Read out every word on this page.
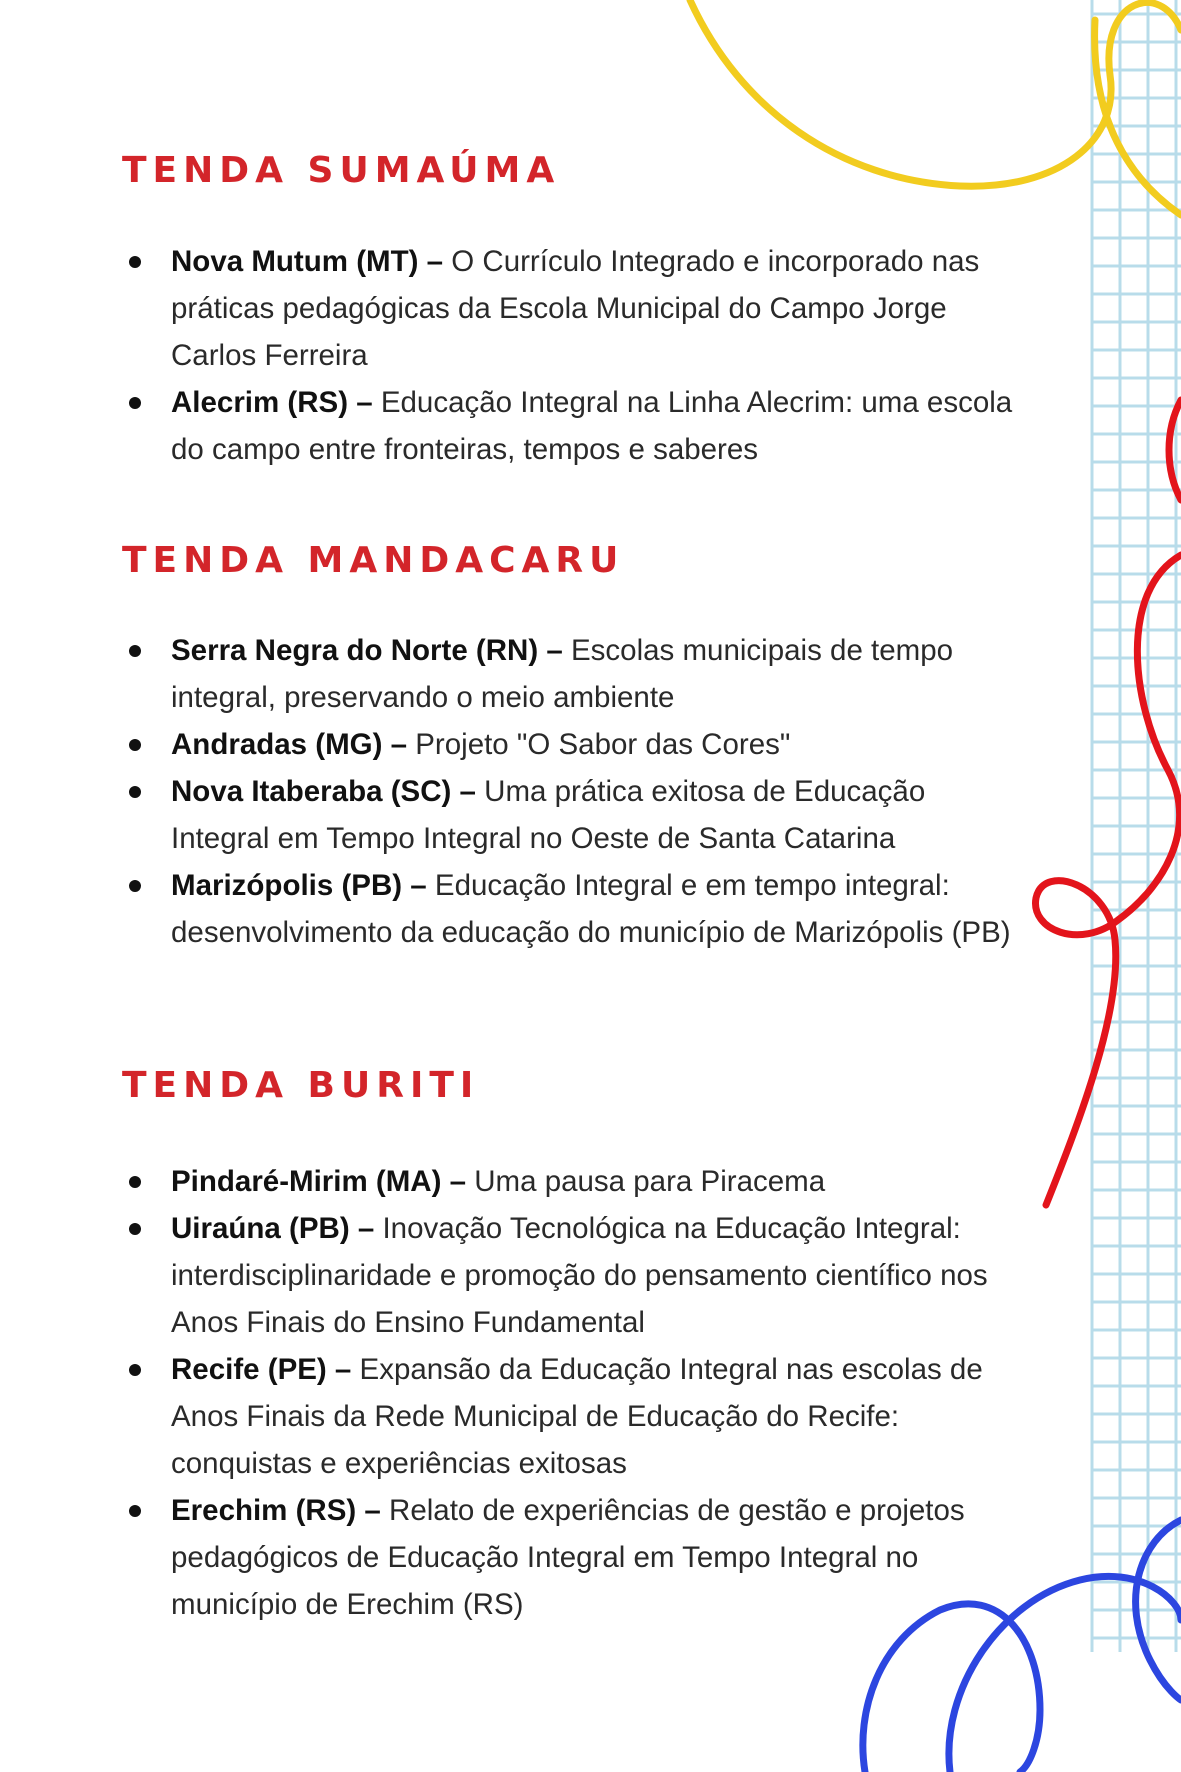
TENDA SUMAÚMA
Nova Mutum (MT) – O Currículo Integrado e incorporado nas práticas pedagógicas da Escola Municipal do Campo Jorge Carlos Ferreira
Alecrim (RS) – Educação Integral na Linha Alecrim: uma escola do campo entre fronteiras, tempos e saberes
TENDA MANDACARU
Serra Negra do Norte (RN) – Escolas municipais de tempo integral, preservando o meio ambiente
Andradas (MG) – Projeto "O Sabor das Cores"
Nova Itaberaba (SC) – Uma prática exitosa de Educação Integral em Tempo Integral no Oeste de Santa Catarina
Marizópolis (PB) – Educação Integral e em tempo integral: desenvolvimento da educação do município de Marizópolis (PB)
TENDA BURITI
Pindaré-Mirim (MA) – Uma pausa para Piracema
Uiraúna (PB) – Inovação Tecnológica na Educação Integral: interdisciplinaridade e promoção do pensamento científico nos Anos Finais do Ensino Fundamental
Recife (PE) – Expansão da Educação Integral nas escolas de Anos Finais da Rede Municipal de Educação do Recife: conquistas e experiências exitosas
Erechim (RS) – Relato de experiências de gestão e projetos pedagógicos de Educação Integral em Tempo Integral no município de Erechim (RS)
